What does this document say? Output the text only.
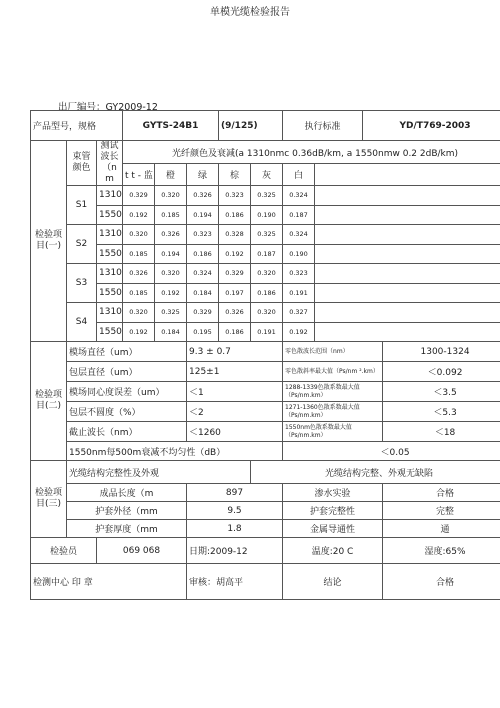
单模光缆检验报告
出厂编号：GY2009-12
产品型号，规格			GYTS-24B1			(9/125)		执行标准		YD/T769-2003	
检验项目(一)	束管颜色	测试波长（n m	光纤颜色及衰减(a 1310nmc 0.36dB/km, a 1550nmw 0.2 2dB/km)								
			t t - 监	橙	绿	棕	灰	白			
	S1	1310	0.329	0.320	0.326	0.323	0.325	0.324			
		1550	0.192	0.185	0.194	0.186	0.190	0.187			
	S2	1310	0.320	0.326	0.323	0.328	0.325	0.324			
		1550	0.185	0.194	0.186	0.192	0.187	0.190			
	S3	1310	0.326	0.320	0.324	0.329	0.320	0.323			
		1550	0.185	0.192	0.184	0.197	0.186	0.191			
	S4	1310	0.320	0.325	0.329	0.326	0.320	0.327			
		1550	0.192	0.184	0.195	0.186	0.191	0.192			
检验项目(二)	模场直径（um）				9.3 ± 0.7			零色散波长范围（nm）			1300-1324
	包层直径（um）				125±1			零色散斜率最大值（Ps/nm ².km）			＜0.092
	模场同心度误差（um）				＜1			1288-1339色散系数最大值（Ps/nm.km）			＜3.5
	包层不圆度（%）				＜2			1271-1360色散系数最大值（Ps/nm.km）			＜5.3
	截止波长（nm）				＜1260			1550nm色散系数最大值（Ps/nm.km）			＜18
	1550nm每500m衰减不均匀性（dB）							＜0.05			
检验项目(三)	光缆结构完整性及外观						光缆结构完整、外观无缺陷				
	成品长度（m				897			渗水实验			合格
	护套外径（mm				9.5			护套完整性			完整
	护套厚度（mm				1.8			金属导通性			通
检验员		069 068			日期:2009-12			温度:20 C			湿度:65%
检测中心 印 章					审核：胡高平			结论			合格
